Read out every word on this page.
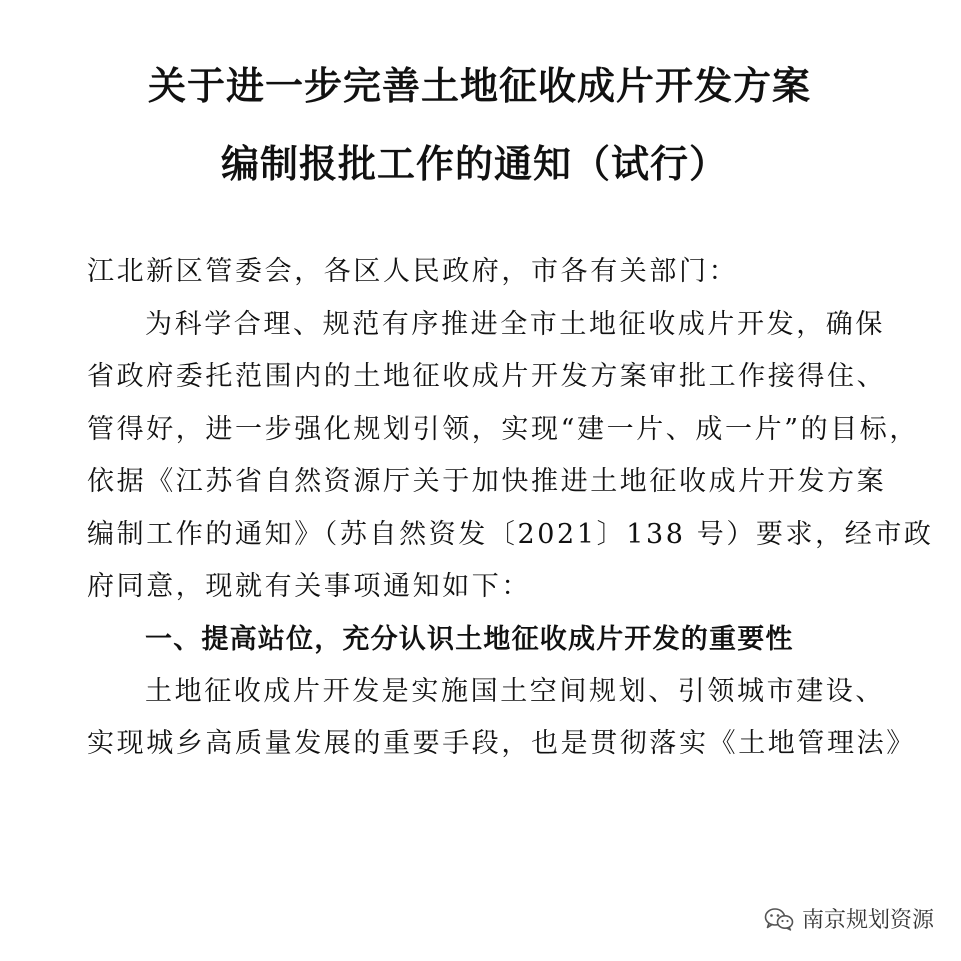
关于进一步完善土地征收成片开发方案
编制报批工作的通知（试行）
江北新区管委会，各区人民政府，市各有关部门：
为科学合理、规范有序推进全市土地征收成片开发，确保
省政府委托范围内的土地征收成片开发方案审批工作接得住、
管得好，进一步强化规划引领，实现“建一片、成一片”的目标，
依据《江苏省自然资源厅关于加快推进土地征收成片开发方案
编制工作的通知》（苏自然资发〔2021〕138 号）要求，经市政
府同意，现就有关事项通知如下：
一、提高站位，充分认识土地征收成片开发的重要性
土地征收成片开发是实施国土空间规划、引领城市建设、
实现城乡高质量发展的重要手段，也是贯彻落实《土地管理法》
南京规划资源
